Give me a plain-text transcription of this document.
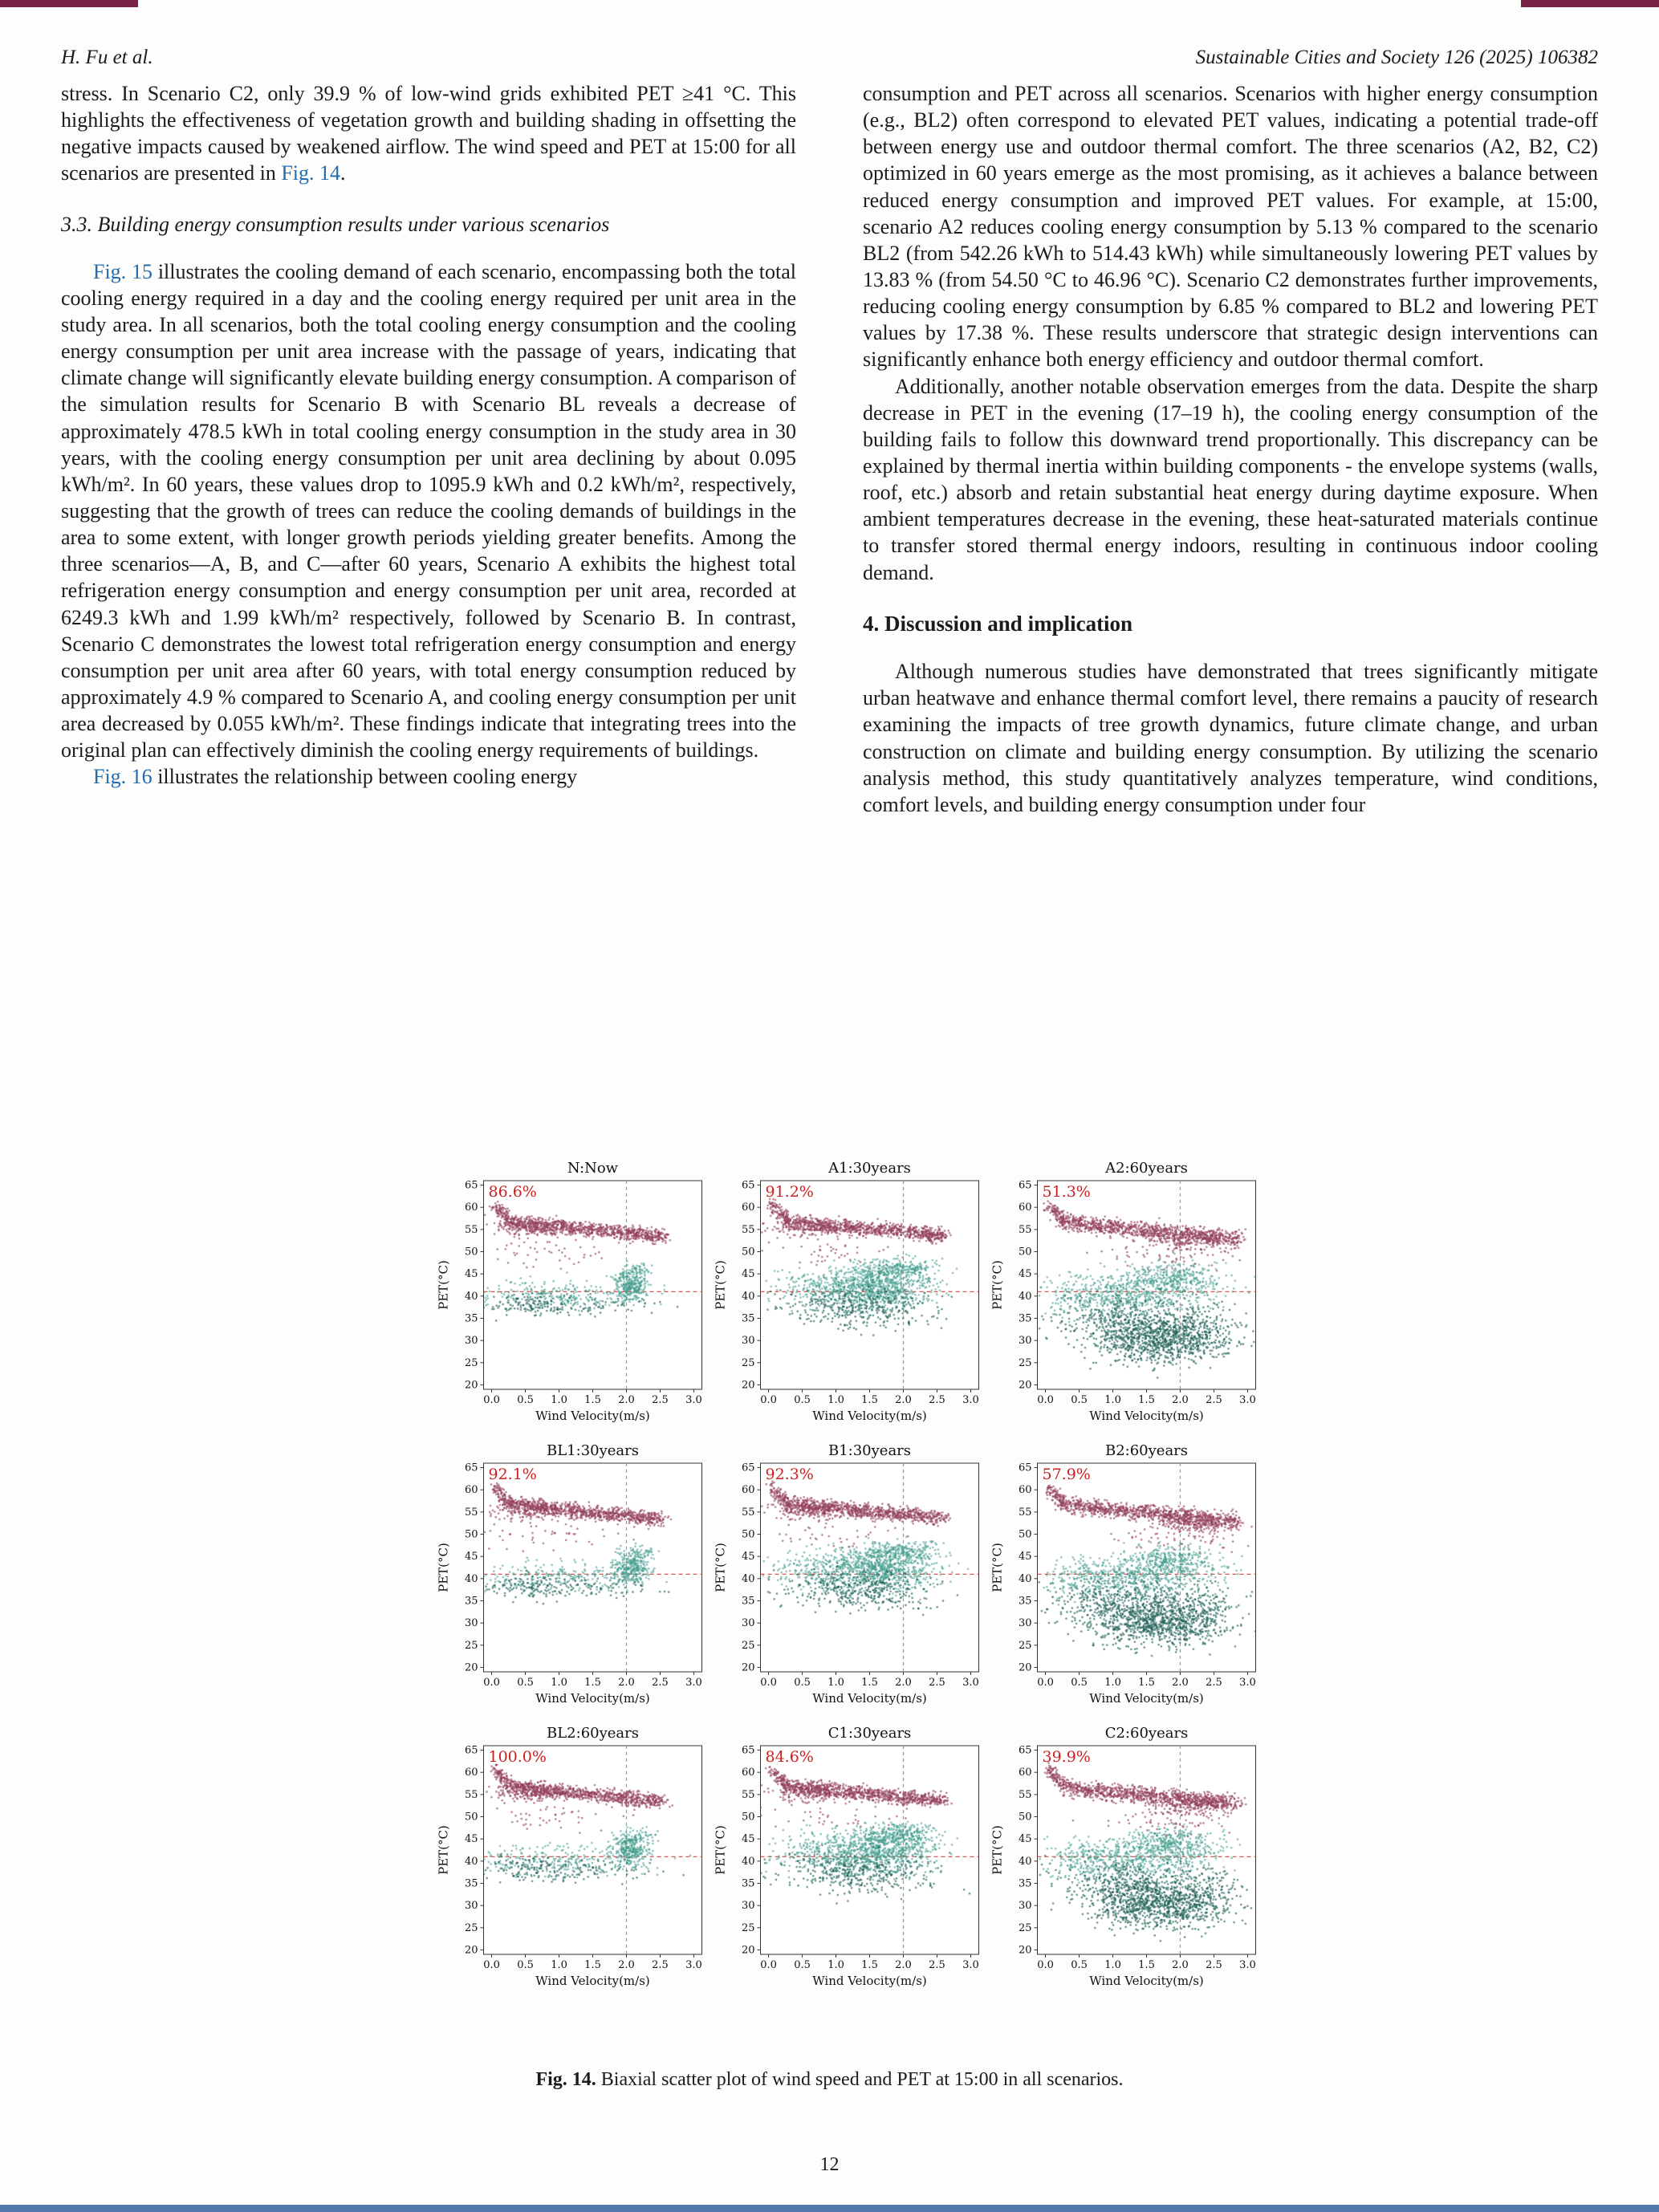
H. Fu et al.	Sustainable Cities and Society 126 (2025) 106382

stress. In Scenario C2, only 39.9 % of low-wind grids exhibited PET ≥41 °C. This highlights the effectiveness of vegetation growth and building shading in offsetting the negative impacts caused by weakened airflow. The wind speed and PET at 15:00 for all scenarios are presented in Fig. 14.

3.3. Building energy consumption results under various scenarios

Fig. 15 illustrates the cooling demand of each scenario, encompassing both the total cooling energy required in a day and the cooling energy required per unit area in the study area. In all scenarios, both the total cooling energy consumption and the cooling energy consumption per unit area increase with the passage of years, indicating that climate change will significantly elevate building energy consumption. A comparison of the simulation results for Scenario B with Scenario BL reveals a decrease of approximately 478.5 kWh in total cooling energy consumption in the study area in 30 years, with the cooling energy consumption per unit area declining by about 0.095 kWh/m². In 60 years, these values drop to 1095.9 kWh and 0.2 kWh/m², respectively, suggesting that the growth of trees can reduce the cooling demands of buildings in the area to some extent, with longer growth periods yielding greater benefits. Among the three scenarios—A, B, and C—after 60 years, Scenario A exhibits the highest total refrigeration energy consumption and energy consumption per unit area, recorded at 6249.3 kWh and 1.99 kWh/m² respectively, followed by Scenario B. In contrast, Scenario C demonstrates the lowest total refrigeration energy consumption and energy consumption per unit area after 60 years, with total energy consumption reduced by approximately 4.9 % compared to Scenario A, and cooling energy consumption per unit area decreased by 0.055 kWh/m². These findings indicate that integrating trees into the original plan can effectively diminish the cooling energy requirements of buildings.

Fig. 16 illustrates the relationship between cooling energy

consumption and PET across all scenarios. Scenarios with higher energy consumption (e.g., BL2) often correspond to elevated PET values, indicating a potential trade-off between energy use and outdoor thermal comfort. The three scenarios (A2, B2, C2) optimized in 60 years emerge as the most promising, as it achieves a balance between reduced energy consumption and improved PET values. For example, at 15:00, scenario A2 reduces cooling energy consumption by 5.13 % compared to the scenario BL2 (from 542.26 kWh to 514.43 kWh) while simultaneously lowering PET values by 13.83 % (from 54.50 °C to 46.96 °C). Scenario C2 demonstrates further improvements, reducing cooling energy consumption by 6.85 % compared to BL2 and lowering PET values by 17.38 %. These results underscore that strategic design interventions can significantly enhance both energy efficiency and outdoor thermal comfort.

Additionally, another notable observation emerges from the data. Despite the sharp decrease in PET in the evening (17–19 h), the cooling energy consumption of the building fails to follow this downward trend proportionally. This discrepancy can be explained by thermal inertia within building components - the envelope systems (walls, roof, etc.) absorb and retain substantial heat energy during daytime exposure. When ambient temperatures decrease in the evening, these heat-saturated materials continue to transfer stored thermal energy indoors, resulting in continuous indoor cooling demand.

4. Discussion and implication

Although numerous studies have demonstrated that trees significantly mitigate urban heatwave and enhance thermal comfort level, there remains a paucity of research examining the impacts of tree growth dynamics, future climate change, and urban construction on climate and building energy consumption. By utilizing the scenario analysis method, this study quantitatively analyzes temperature, wind conditions, comfort levels, and building energy consumption under four

Fig. 14. Biaxial scatter plot of wind speed and PET at 15:00 in all scenarios.
12
